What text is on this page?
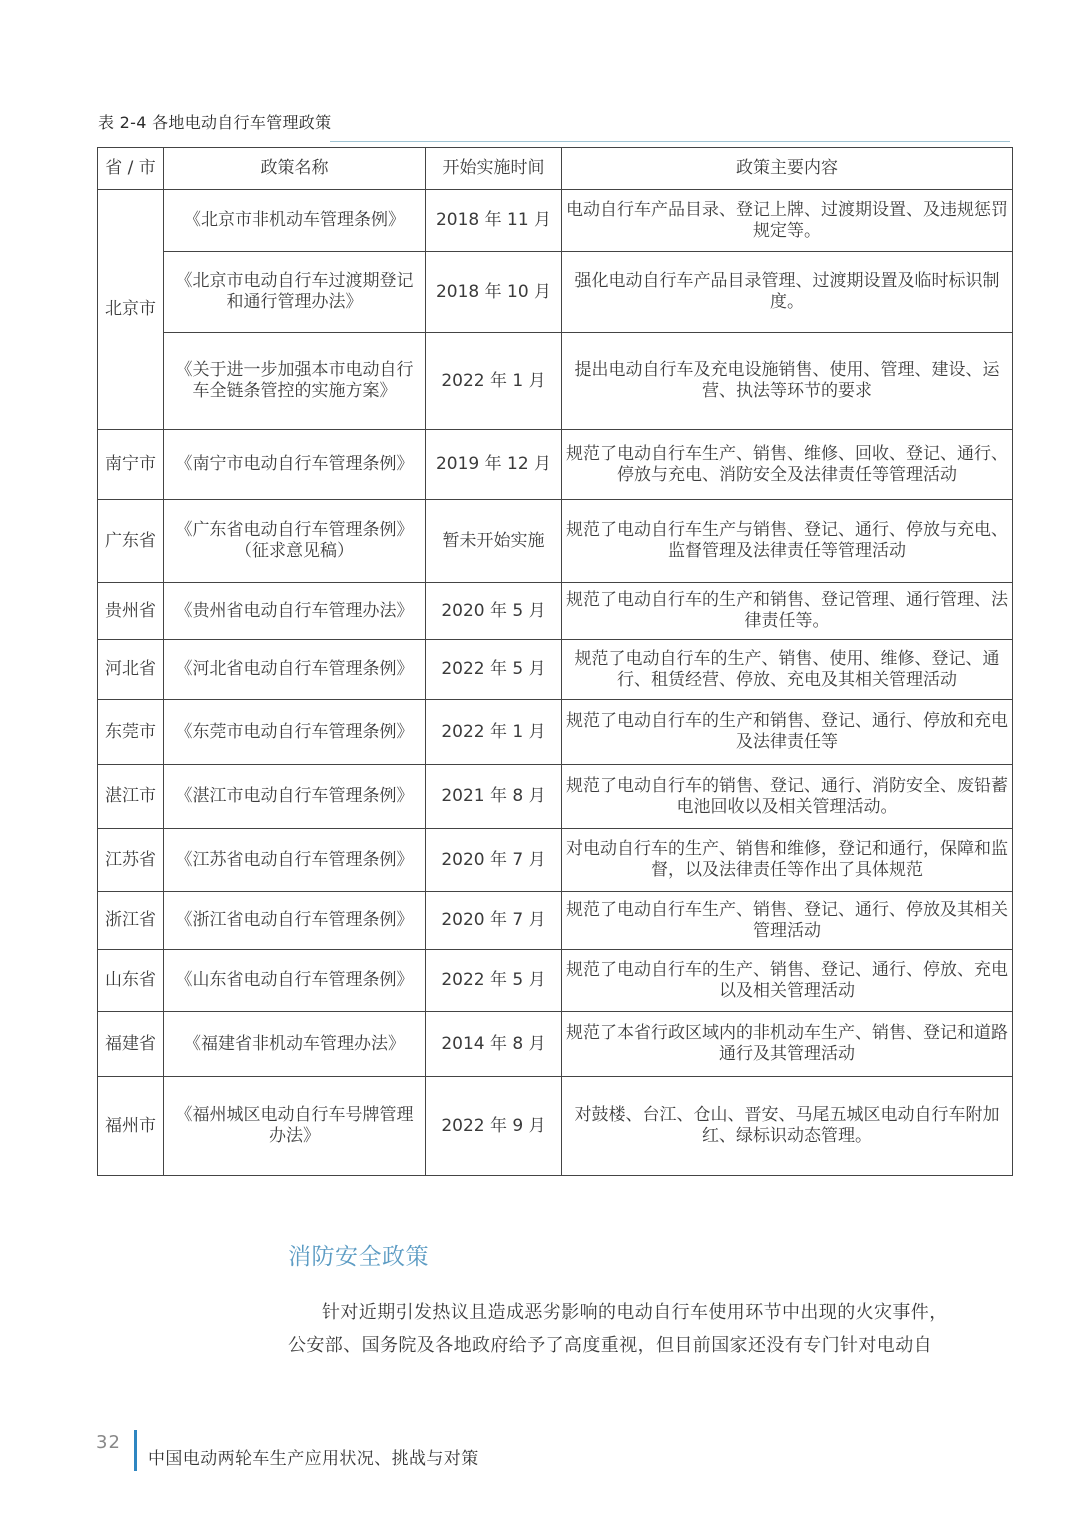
表 2-4 各地电动自行车管理政策
省 / 市	政策名称	开始实施时间	政策主要内容
北京市	《北京市非机动车管理条例》	2018 年 11 月	电动自行车产品目录、登记上牌、过渡期设置、及违规惩罚规定等。
	《北京市电动自行车过渡期登记和通行管理办法》	2018 年 10 月	强化电动自行车产品目录管理、过渡期设置及临时标识制度。
	《关于进一步加强本市电动自行车全链条管控的实施方案》	2022 年 1 月	提出电动自行车及充电设施销售、使用、管理、建设、运营、执法等环节的要求
南宁市	《南宁市电动自行车管理条例》	2019 年 12 月	规范了电动自行车生产、销售、维修、回收、登记、通行、停放与充电、消防安全及法律责任等管理活动
广东省	《广东省电动自行车管理条例》（征求意见稿）	暂未开始实施	规范了电动自行车生产与销售、登记、通行、停放与充电、监督管理及法律责任等管理活动
贵州省	《贵州省电动自行车管理办法》	2020 年 5 月	规范了电动自行车的生产和销售、登记管理、通行管理、法律责任等。
河北省	《河北省电动自行车管理条例》	2022 年 5 月	规范了电动自行车的生产、销售、使用、维修、登记、通行、租赁经营、停放、充电及其相关管理活动
东莞市	《东莞市电动自行车管理条例》	2022 年 1 月	规范了电动自行车的生产和销售、登记、通行、停放和充电及法律责任等
湛江市	《湛江市电动自行车管理条例》	2021 年 8 月	规范了电动自行车的销售、登记、通行、消防安全、废铅蓄电池回收以及相关管理活动。
江苏省	《江苏省电动自行车管理条例》	2020 年 7 月	对电动自行车的生产、销售和维修，登记和通行，保障和监督，以及法律责任等作出了具体规范
浙江省	《浙江省电动自行车管理条例》	2020 年 7 月	规范了电动自行车生产、销售、登记、通行、停放及其相关管理活动
山东省	《山东省电动自行车管理条例》	2022 年 5 月	规范了电动自行车的生产、销售、登记、通行、停放、充电以及相关管理活动
福建省	《福建省非机动车管理办法》	2014 年 8 月	规范了本省行政区域内的非机动车生产、销售、登记和道路通行及其管理活动
福州市	《福州城区电动自行车号牌管理办法》	2022 年 9 月	对鼓楼、台江、仓山、晋安、马尾五城区电动自行车附加红、绿标识动态管理。
消防安全政策
针对近期引发热议且造成恶劣影响的电动自行车使用环节中出现的火灾事件，
公安部、国务院及各地政府给予了高度重视，但目前国家还没有专门针对电动自
32
中国电动两轮车生产应用状况、挑战与对策
